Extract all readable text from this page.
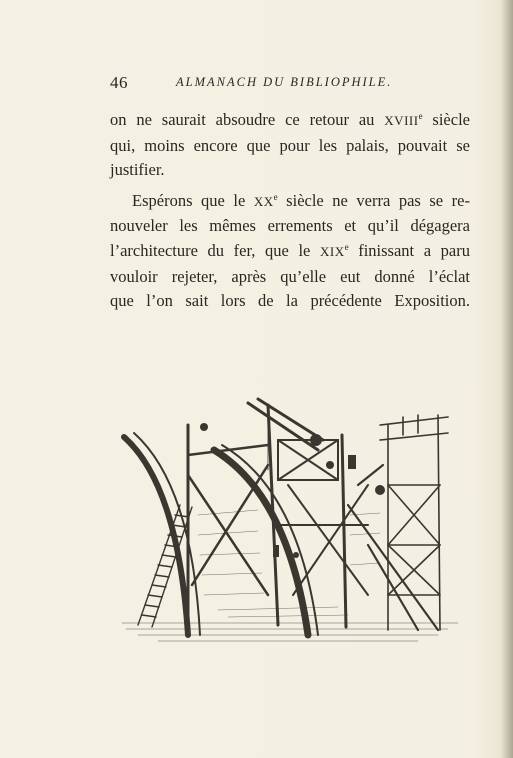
46	ALMANACH DU BIBLIOPHILE.
on ne saurait absoudre ce retour au XVIIIe siècle
qui, moins encore que pour les palais, pouvait se
justifier.
Espérons que le XXe siècle ne verra pas se re-
nouveler les mêmes errements et qu’il dégagera
l’architecture du fer, que le XIXe finissant a paru
vouloir rejeter, après qu’elle eut donné l’éclat
que l’on sait lors de la précédente Exposition.
